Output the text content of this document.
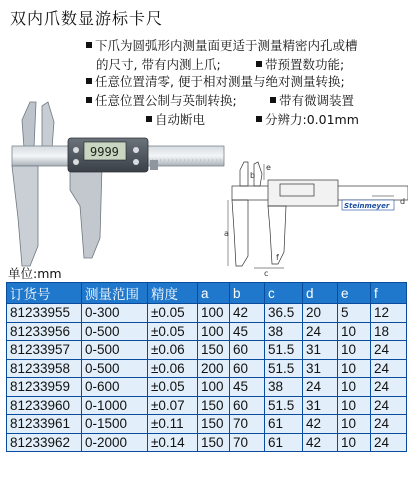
双内爪数显游标卡尺
下爪为圆弧形内测量面更适于测量精密内孔或槽
的尺寸, 带有内测上爪;	带预置数功能;
任意位置清零, 便于相对测量与绝对测量转换;
任意位置公制与英制转换;	带有微调装置
自动断电	分辨力:0.01mm
9999
Steinmeyer
a
b
c
d
e
f
单位:mm
订货号	测量范围	精度	a	b	c	d	e	f
81233955	0-300	±0.05	100	42	36.5	20	5	12
81233956	0-500	±0.05	100	45	38	24	10	18
81233957	0-500	±0.06	150	60	51.5	31	10	24
81233958	0-500	±0.06	200	60	51.5	31	10	24
81233959	0-600	±0.05	100	45	38	24	10	24
81233960	0-1000	±0.07	150	60	51.5	31	10	24
81233961	0-1500	±0.11	150	70	61	42	10	24
81233962	0-2000	±0.14	150	70	61	42	10	24
